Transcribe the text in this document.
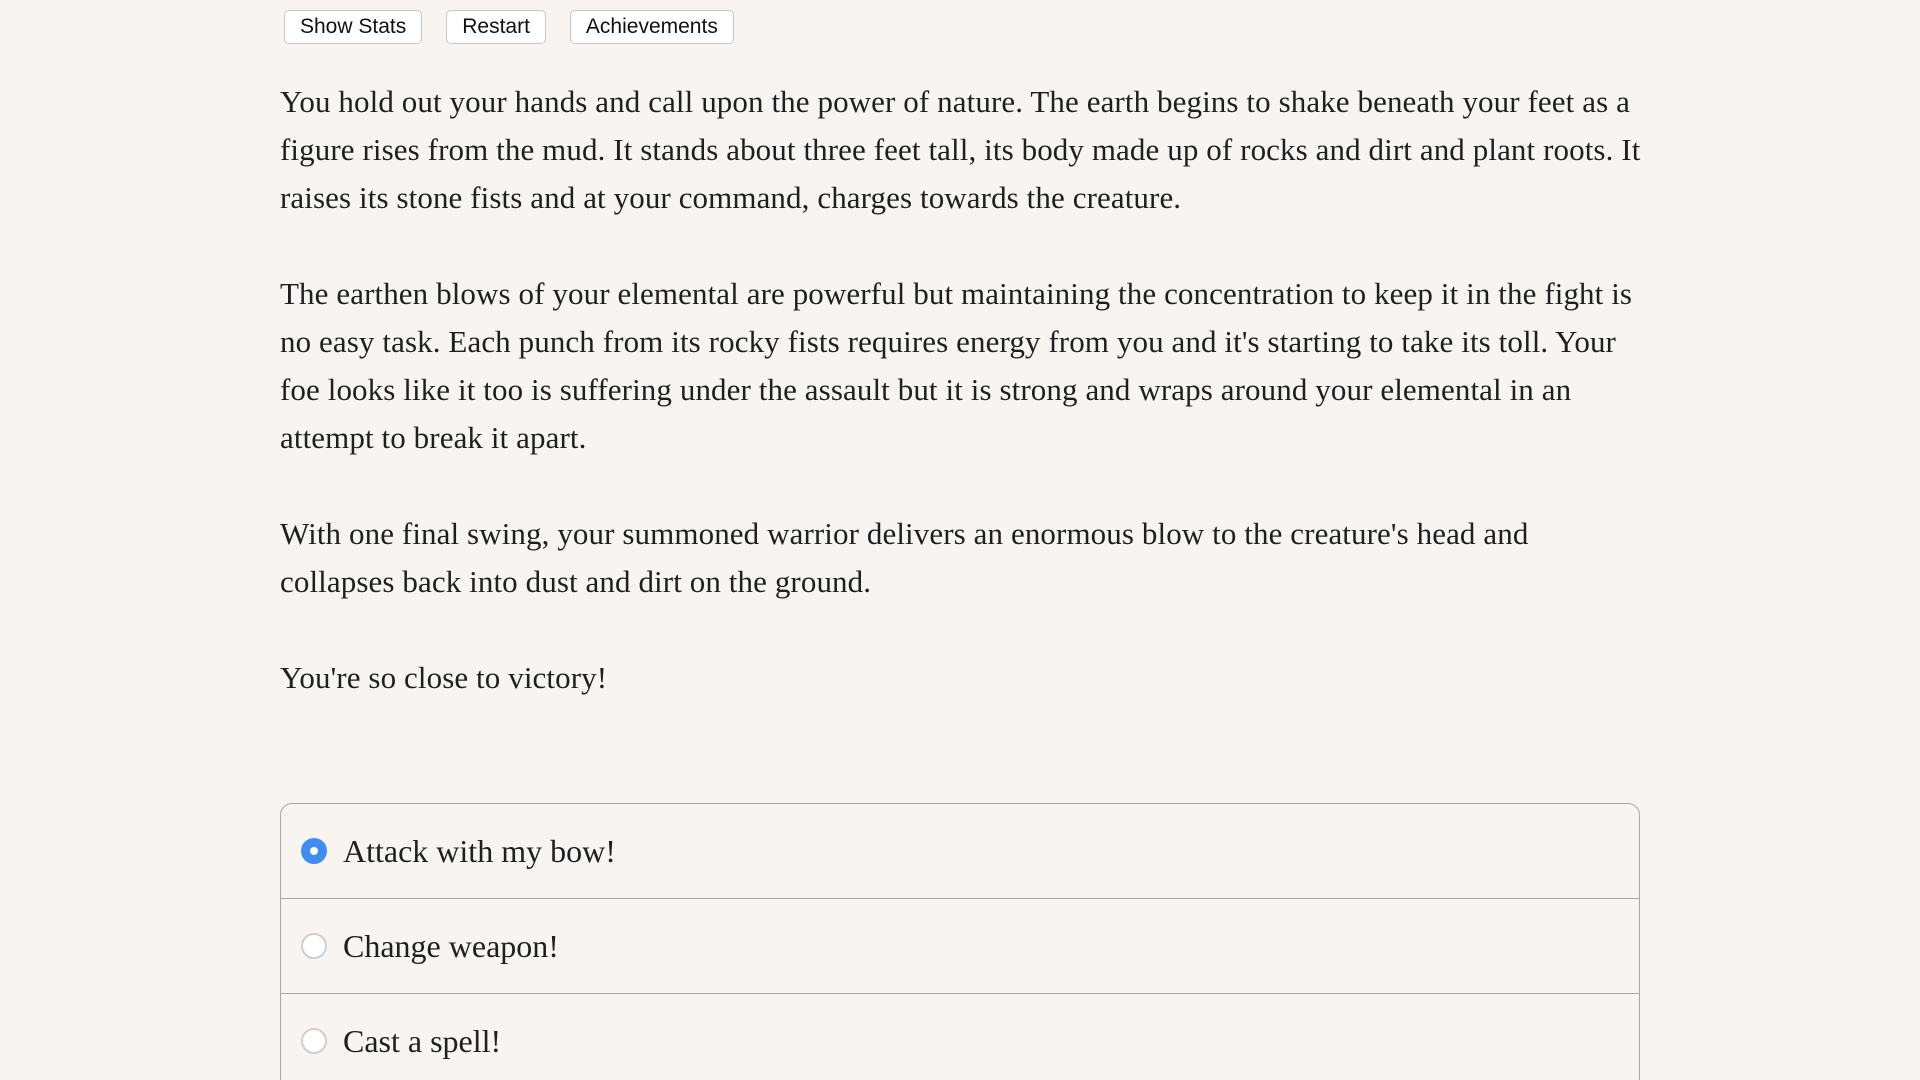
Show Stats	Restart	Achievements

You hold out your hands and call upon the power of nature. The earth begins to shake beneath your feet as a figure rises from the mud. It stands about three feet tall, its body made up of rocks and dirt and plant roots. It raises its stone fists and at your command, charges towards the creature.

The earthen blows of your elemental are powerful but maintaining the concentration to keep it in the fight is no easy task. Each punch from its rocky fists requires energy from you and it's starting to take its toll. Your foe looks like it too is suffering under the assault but it is strong and wraps around your elemental in an attempt to break it apart.

With one final swing, your summoned warrior delivers an enormous blow to the creature's head and collapses back into dust and dirt on the ground.

You're so close to victory!

Attack with my bow!
Change weapon!
Cast a spell!
